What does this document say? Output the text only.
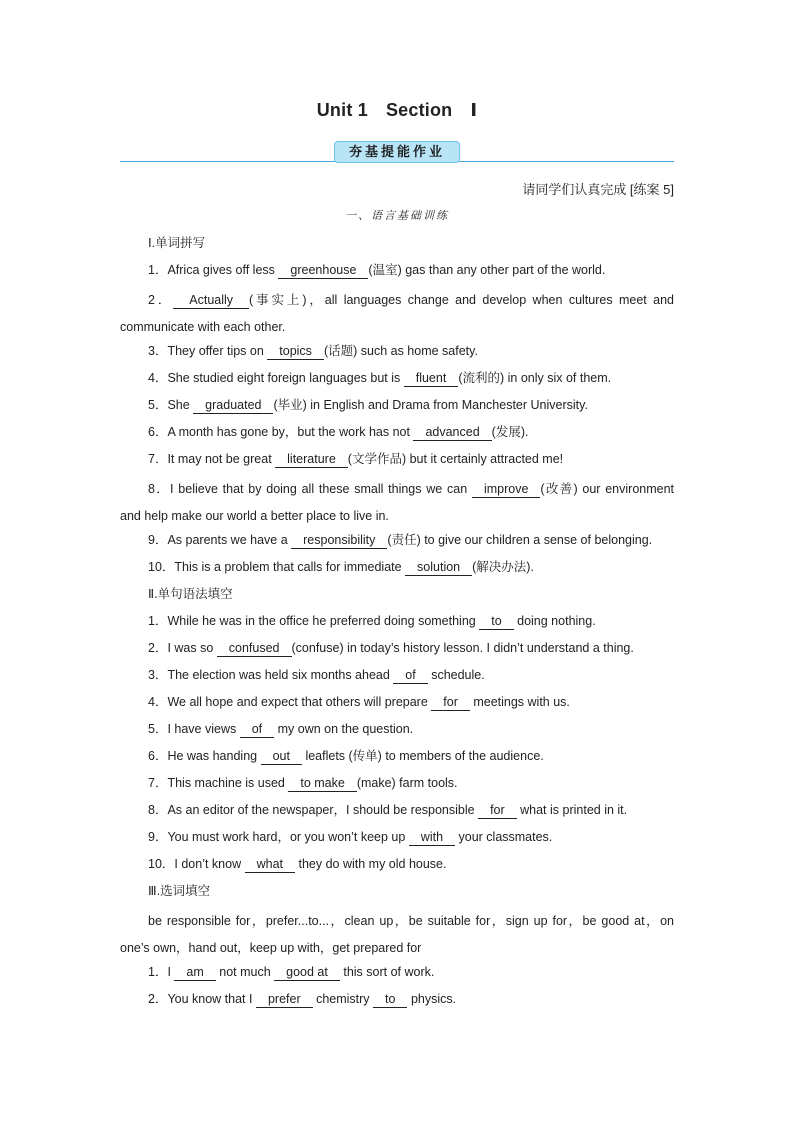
Unit 1 Section Ⅰ
夯基提能作业
请同学们认真完成 [练案 5]
一、语言基础训练
Ⅰ.单词拼写
1．Africa gives off less greenhouse (温室) gas than any other part of the world.
2． Actually (事实上)，all languages change and develop when cultures meet and
communicate with each other.
3．They offer tips on topics (话题) such as home safety.
4．She studied eight foreign languages but is fluent (流利的) in only six of them.
5．She graduated (毕业) in English and Drama from Manchester University.
6．A month has gone by，but the work has not advanced (发展).
7．It may not be great literature (文学作品) but it certainly attracted me!
8．I believe that by doing all these small things we can improve (改善) our environment
and help make our world a better place to live in.
9．As parents we have a responsibility (责任) to give our children a sense of belonging.
10．This is a problem that calls for immediate solution (解决办法).
Ⅱ.单句语法填空
1．While he was in the office he preferred doing something to doing nothing.
2．I was so confused (confuse) in today’s history lesson. I didn’t understand a thing.
3．The election was held six months ahead of schedule.
4．We all hope and expect that others will prepare for meetings with us.
5．I have views of my own on the question.
6．He was handing out leaflets (传单) to members of the audience.
7．This machine is used to make (make) farm tools.
8．As an editor of the newspaper，I should be responsible for what is printed in it.
9．You must work hard，or you won’t keep up with your classmates.
10．I don’t know what they do with my old house.
Ⅲ.选词填空
be responsible for，prefer...to...，clean up，be suitable for，sign up for，be good at，on
one’s own，hand out，keep up with，get prepared for
1．I am not much good at this sort of work.
2．You know that I prefer chemistry to physics.
